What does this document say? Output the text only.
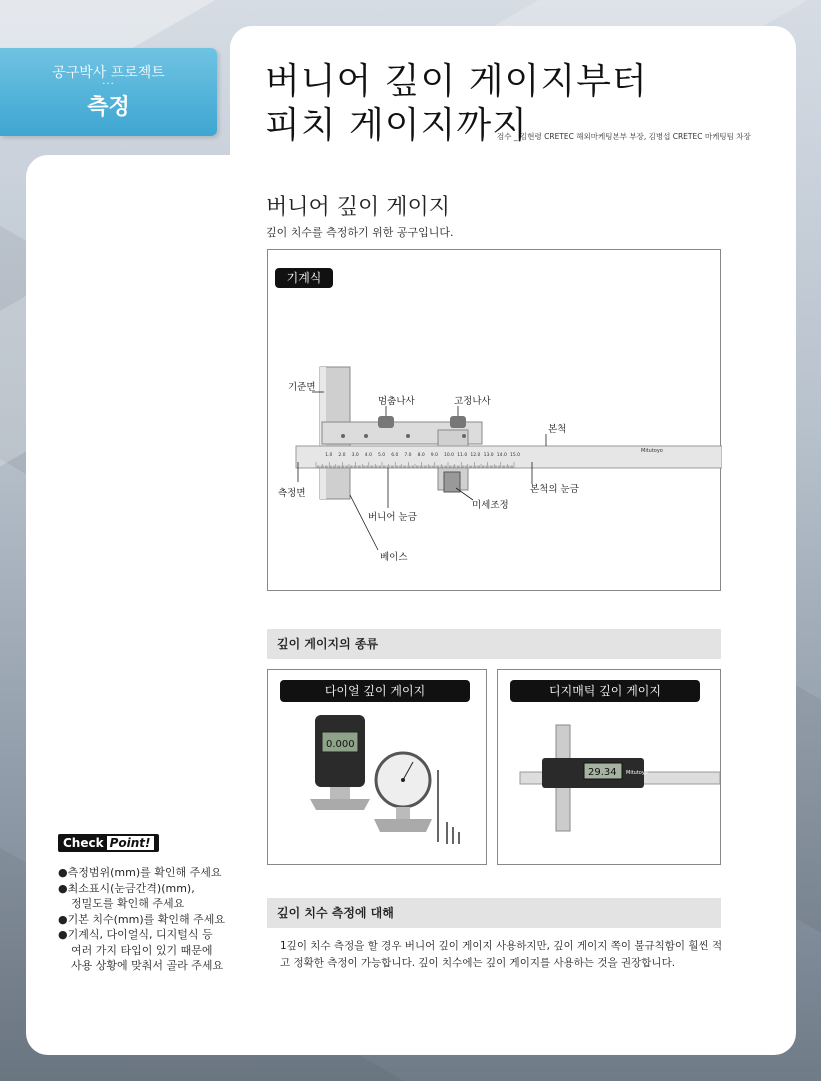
공구박사 프로젝트
···
측정
버니어 깊이 게이지부터
피치 게이지까지
검수 _ 김현령 CRETEC 해외마케팅본부 부장, 김병섭 CRETEC 마케팅팀 차장
버니어 깊이 게이지
깊이 치수를 측정하기 위한 공구입니다.
기계식
1.0 2.0 3.0 4.0 5.0 6.0 7.0 8.0 9.0 10.0 11.0 12.0 13.0 14.0 15.0
Mitutoyo
기준면
멈춤나사	고정나사
본척
본척의 눈금
미세조정
측정면
버니어 눈금
베이스
깊이 게이지의 종류
다이얼 깊이 게이지
0.000
디지매틱 깊이 게이지
29.34 Mitutoyo
깊이 치수 측정에 대해
1깊이 치수 측정을 할 경우 버니어 깊이 게이지 사용하지만, 깊이 게이지 쪽이 불규칙함이 훨씬 적고 정확한 측정이 가능합니다. 깊이 치수에는 깊이 게이지를 사용하는 것을 권장합니다.
Check Point!
●측정범위(mm)를 확인해 주세요
●최소표시(눈금간격)(mm),
정밀도를 확인해 주세요
●기본 치수(mm)를 확인해 주세요
●기계식, 다이얼식, 디지털식 등
여러 가지 타입이 있기 때문에
사용 상황에 맞춰서 골라 주세요
